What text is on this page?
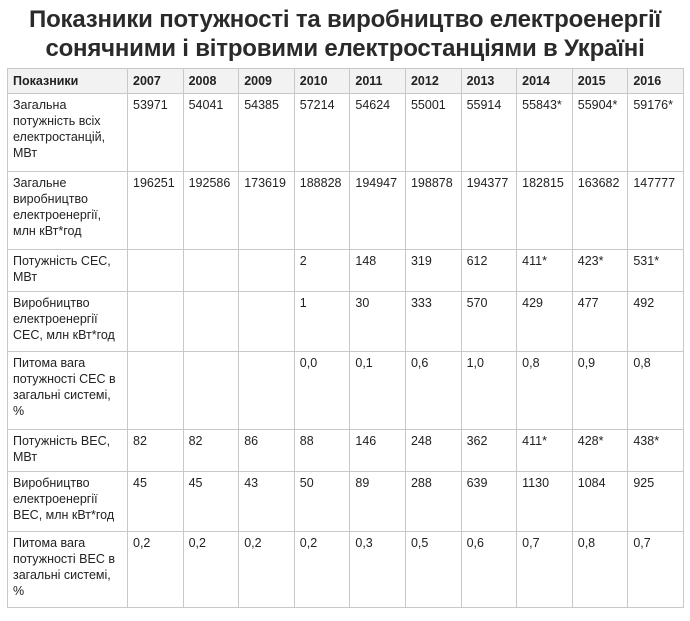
Показники потужності та виробництво електроенергії
сонячними і вітровими електростанціями в Україні
Показники	2007	2008	2009	2010	2011	2012	2013	2014	2015	2016
Загальна потужність всіх електростанцій, МВт	53971	54041	54385	57214	54624	55001	55914	55843*	55904*	59176*
Загальне виробництво електроенергії, млн кВт*год	196251	192586	173619	188828	194947	198878	194377	182815	163682	147777
Потужність СЕС, МВт				2	148	319	612	411*	423*	531*
Виробництво електроенергії СЕС, млн кВт*год				1	30	333	570	429	477	492
Питома вага потужності СЕС в загальні системі, %				0,0	0,1	0,6	1,0	0,8	0,9	0,8
Потужність ВЕС, МВт	82	82	86	88	146	248	362	411*	428*	438*
Виробництво електроенергії ВЕС, млн кВт*год	45	45	43	50	89	288	639	1130	1084	925
Питома вага потужності ВЕС в загальні системі, %	0,2	0,2	0,2	0,2	0,3	0,5	0,6	0,7	0,8	0,7
